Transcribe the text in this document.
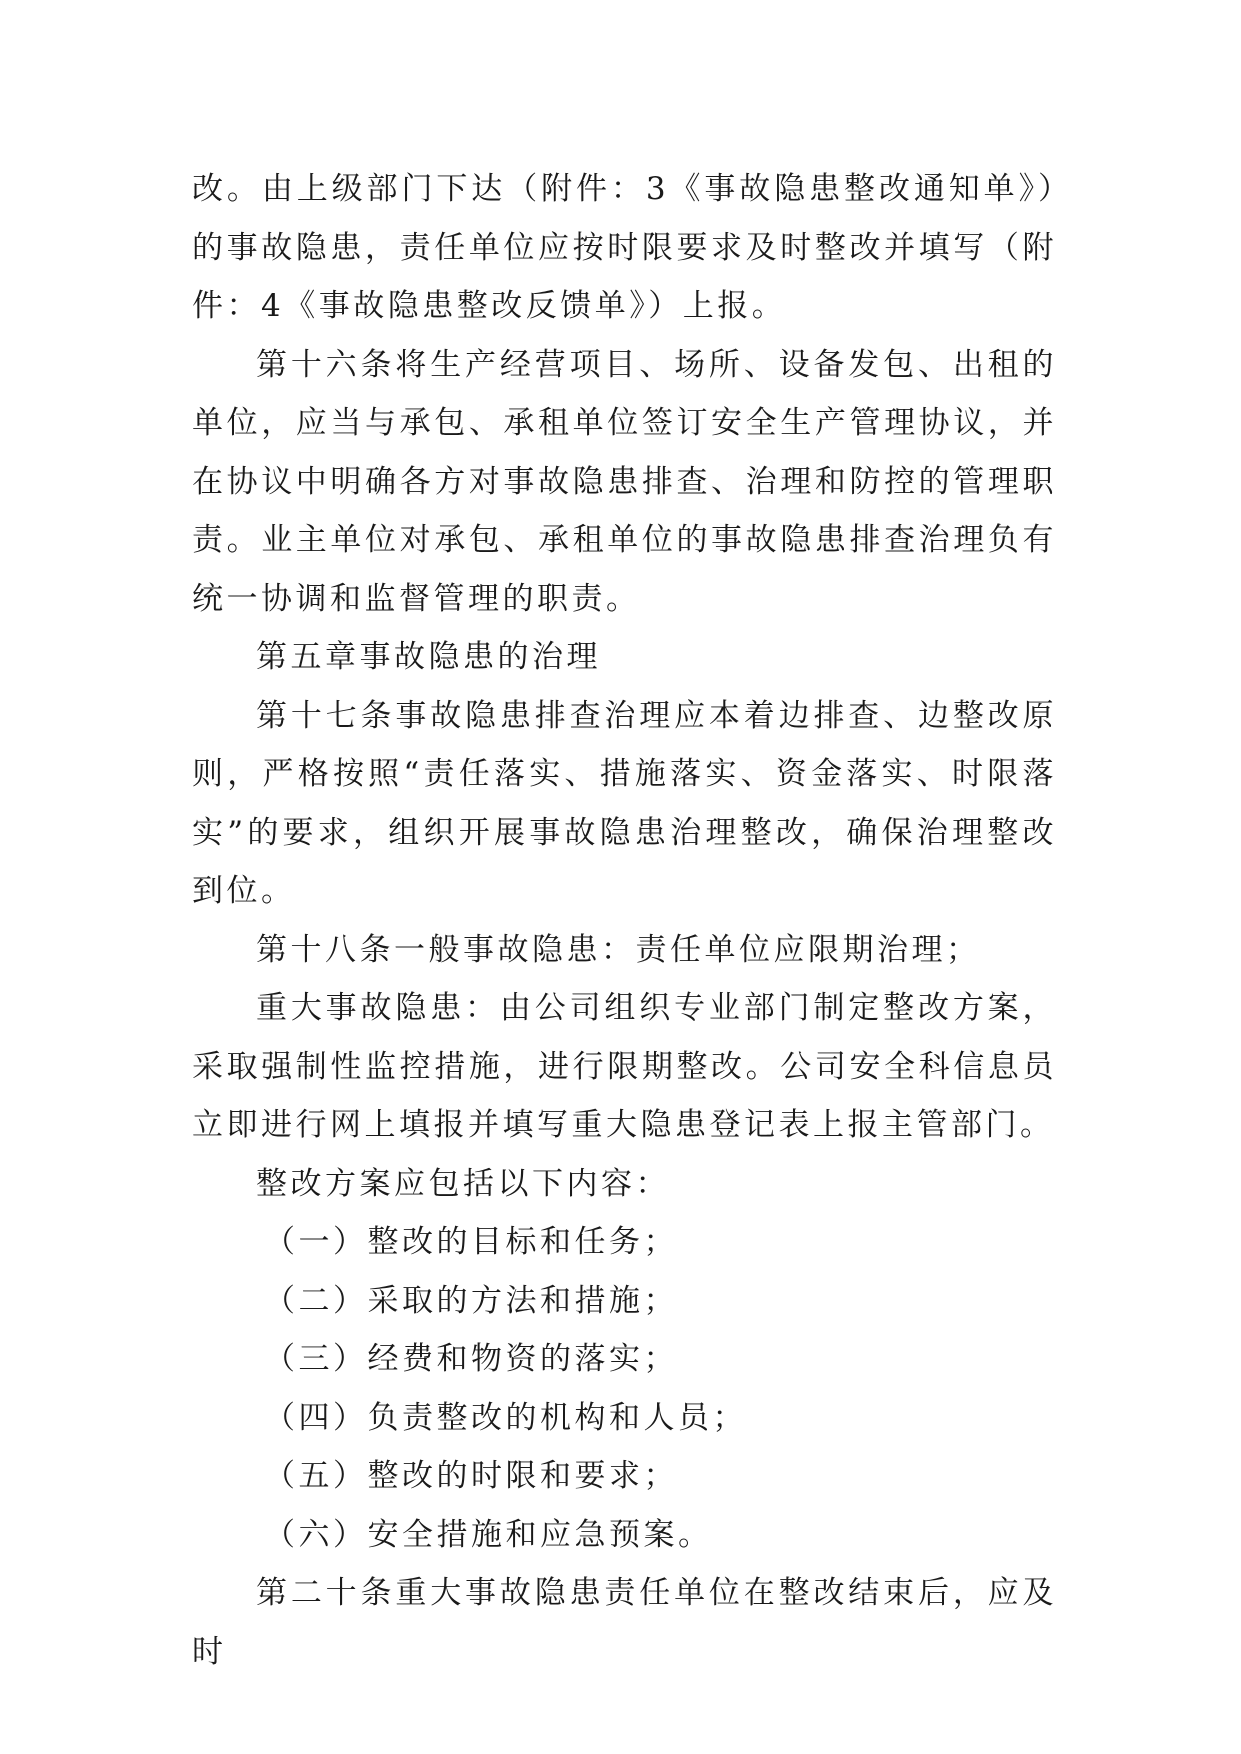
改。由上级部门下达（附件：3《事故隐患整改通知单》）的事故隐患，责任单位应按时限要求及时整改并填写（附件：4《事故隐患整改反馈单》）上报。

第十六条将生产经营项目、场所、设备发包、出租的单位，应当与承包、承租单位签订安全生产管理协议，并在协议中明确各方对事故隐患排查、治理和防控的管理职责。业主单位对承包、承租单位的事故隐患排查治理负有统一协调和监督管理的职责。

第五章事故隐患的治理

第十七条事故隐患排查治理应本着边排查、边整改原则，严格按照“责任落实、措施落实、资金落实、时限落实”的要求，组织开展事故隐患治理整改，确保治理整改到位。

第十八条一般事故隐患：责任单位应限期治理；

重大事故隐患：由公司组织专业部门制定整改方案，采取强制性监控措施，进行限期整改。公司安全科信息员立即进行网上填报并填写重大隐患登记表上报主管部门。

整改方案应包括以下内容：

（一）整改的目标和任务；

（二）采取的方法和措施；

（三）经费和物资的落实；

（四）负责整改的机构和人员；

（五）整改的时限和要求；

（六）安全措施和应急预案。

第二十条重大事故隐患责任单位在整改结束后，应及时
